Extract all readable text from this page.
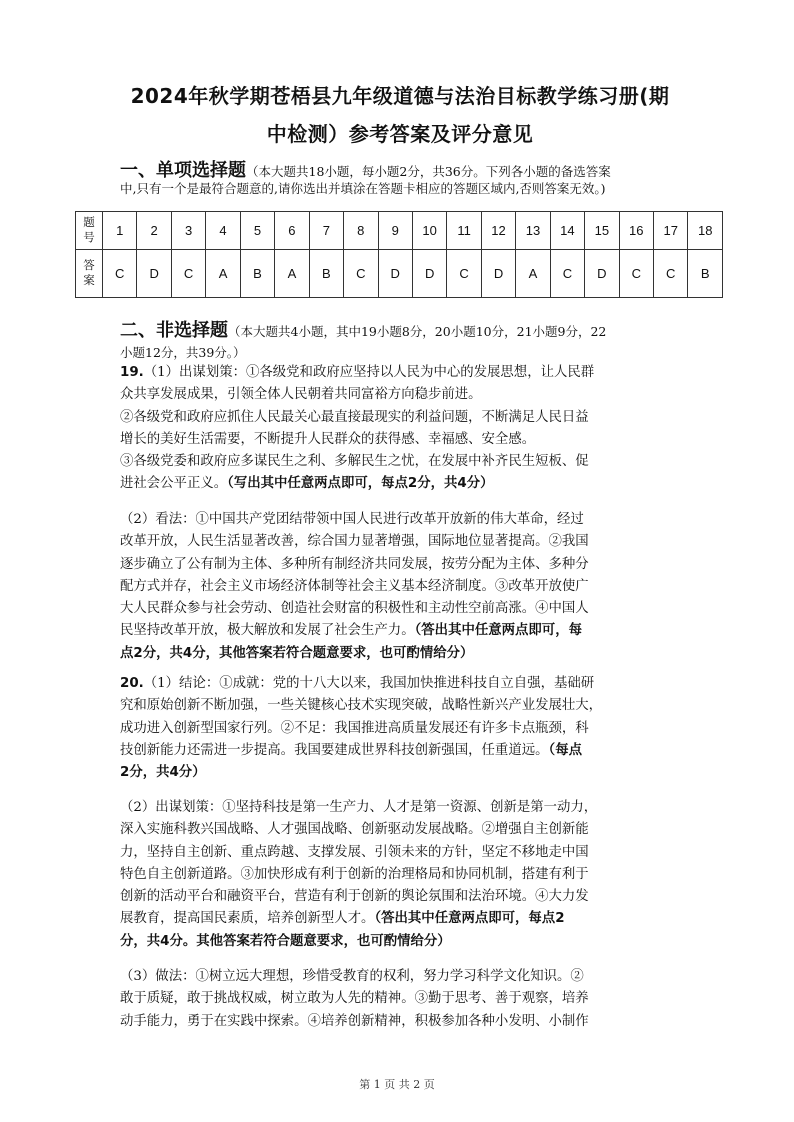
2024年秋学期苍梧县九年级道德与法治目标教学练习册(期
中检测）参考答案及评分意见
一、单项选择题（本大题共18小题，每小题2分，共36分。下列各小题的备选答案
中,只有一个是最符合题意的,请你选出并填涂在答题卡相应的答题区域内,否则答案无效。)
题
号	1	2	3	4	5	6	7	8	9	10	11	12	13	14	15	16	17	18
答
案	C	D	C	A	B	A	B	C	D	D	C	D	A	C	D	C	C	B
二、非选择题（本大题共4小题，其中19小题8分，20小题10分，21小题9分，22
小题12分，共39分。）
19.（1）出谋划策：①各级党和政府应坚持以人民为中心的发展思想，让人民群
众共享发展成果，引领全体人民朝着共同富裕方向稳步前进。
②各级党和政府应抓住人民最关心最直接最现实的利益问题，不断满足人民日益
增长的美好生活需要，不断提升人民群众的获得感、幸福感、安全感。
③各级党委和政府应多谋民生之利、多解民生之忧，在发展中补齐民生短板、促
进社会公平正义。（写出其中任意两点即可，每点2分，共4分）
（2）看法：①中国共产党团结带领中国人民进行改革开放新的伟大革命，经过
改革开放，人民生活显著改善，综合国力显著增强，国际地位显著提高。②我国
逐步确立了公有制为主体、多种所有制经济共同发展，按劳分配为主体、多种分
配方式并存，社会主义市场经济体制等社会主义基本经济制度。③改革开放使广
大人民群众参与社会劳动、创造社会财富的积极性和主动性空前高涨。④中国人
民坚持改革开放，极大解放和发展了社会生产力。（答出其中任意两点即可，每
点2分，共4分，其他答案若符合题意要求，也可酌情给分）
20.（1）结论：①成就：党的十八大以来，我国加快推进科技自立自强，基础研
究和原始创新不断加强，一些关键核心技术实现突破，战略性新兴产业发展壮大，
成功进入创新型国家行列。②不足：我国推进高质量发展还有许多卡点瓶颈，科
技创新能力还需进一步提高。我国要建成世界科技创新强国，任重道远。（每点
2分，共4分）
（2）出谋划策：①坚持科技是第一生产力、人才是第一资源、创新是第一动力，
深入实施科教兴国战略、人才强国战略、创新驱动发展战略。②增强自主创新能
力，坚持自主创新、重点跨越、支撑发展、引领未来的方针，坚定不移地走中国
特色自主创新道路。③加快形成有利于创新的治理格局和协同机制，搭建有利于
创新的活动平台和融资平台，营造有利于创新的舆论氛围和法治环境。④大力发
展教育，提高国民素质，培养创新型人才。（答出其中任意两点即可，每点2
分，共4分。其他答案若符合题意要求，也可酌情给分）
（3）做法：①树立远大理想，珍惜受教育的权利，努力学习科学文化知识。②
敢于质疑，敢于挑战权威，树立敢为人先的精神。③勤于思考、善于观察，培养
动手能力，勇于在实践中探索。④培养创新精神，积极参加各种小发明、小制作
第 1 页 共 2 页
